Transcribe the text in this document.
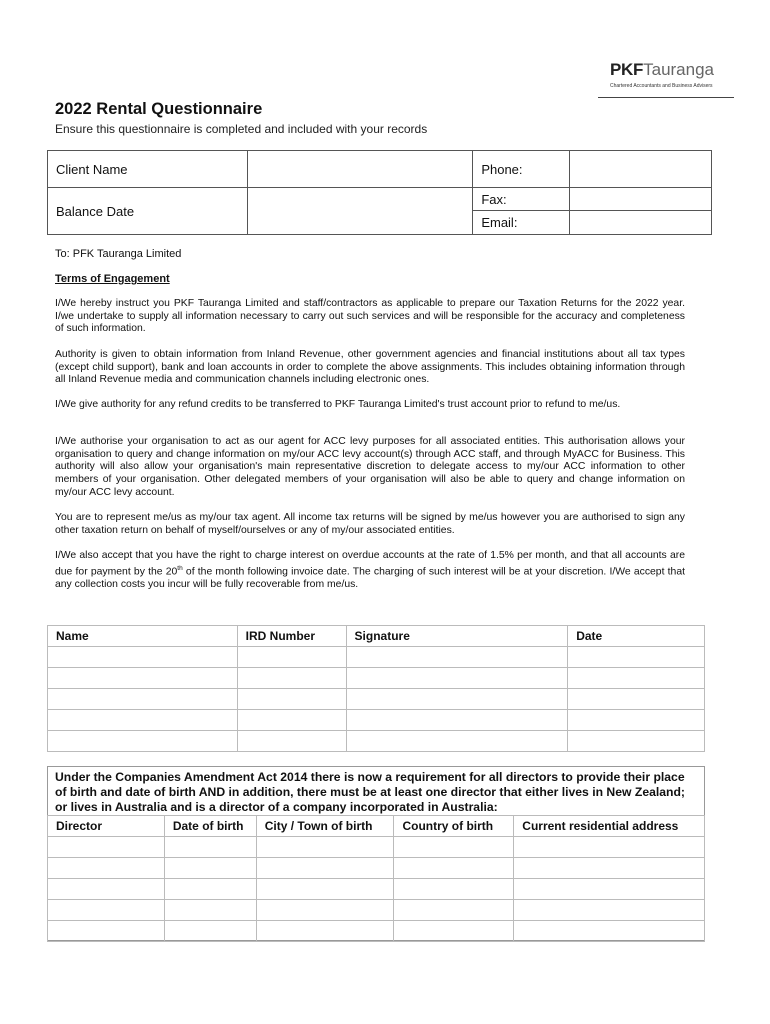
PKFTauranga
Chartered Accountants and Business Advisers
2022 Rental Questionnaire
Ensure this questionnaire is completed and included with your records
Client Name		Phone:	
Balance Date		Fax:	
		Email:	
To: PFK Tauranga Limited
Terms of Engagement
I/We hereby instruct you PKF Tauranga Limited and staff/contractors as applicable to prepare our Taxation Returns for the 2022 year. I/we undertake to supply all information necessary to carry out such services and will be responsible for the accuracy and completeness of such information.
Authority is given to obtain information from Inland Revenue, other government agencies and financial institutions about all tax types (except child support), bank and loan accounts in order to complete the above assignments. This includes obtaining information through all Inland Revenue media and communication channels including electronic ones.
I/We give authority for any refund credits to be transferred to PKF Tauranga Limited's trust account prior to refund to me/us.
I/We authorise your organisation to act as our agent for ACC levy purposes for all associated entities. This authorisation allows your organisation to query and change information on my/our ACC levy account(s) through ACC staff, and through MyACC for Business. This authority will also allow your organisation's main representative discretion to delegate access to my/our ACC information to other members of your organisation. Other delegated members of your organisation will also be able to query and change information on my/our ACC levy account.
You are to represent me/us as my/our tax agent. All income tax returns will be signed by me/us however you are authorised to sign any other taxation return on behalf of myself/ourselves or any of my/our associated entities.
I/We also accept that you have the right to charge interest on overdue accounts at the rate of 1.5% per month, and that all accounts are due for payment by the 20th of the month following invoice date. The charging of such interest will be at your discretion. I/We accept that any collection costs you incur will be fully recoverable from me/us.
Name	IRD Number	Signature	Date

Under the Companies Amendment Act 2014 there is now a requirement for all directors to provide their place of birth and date of birth AND in addition, there must be at least one director that either lives in New Zealand; or lives in Australia and is a director of a company incorporated in Australia:
Director	Date of birth	City / Town of birth	Country of birth	Current residential address
